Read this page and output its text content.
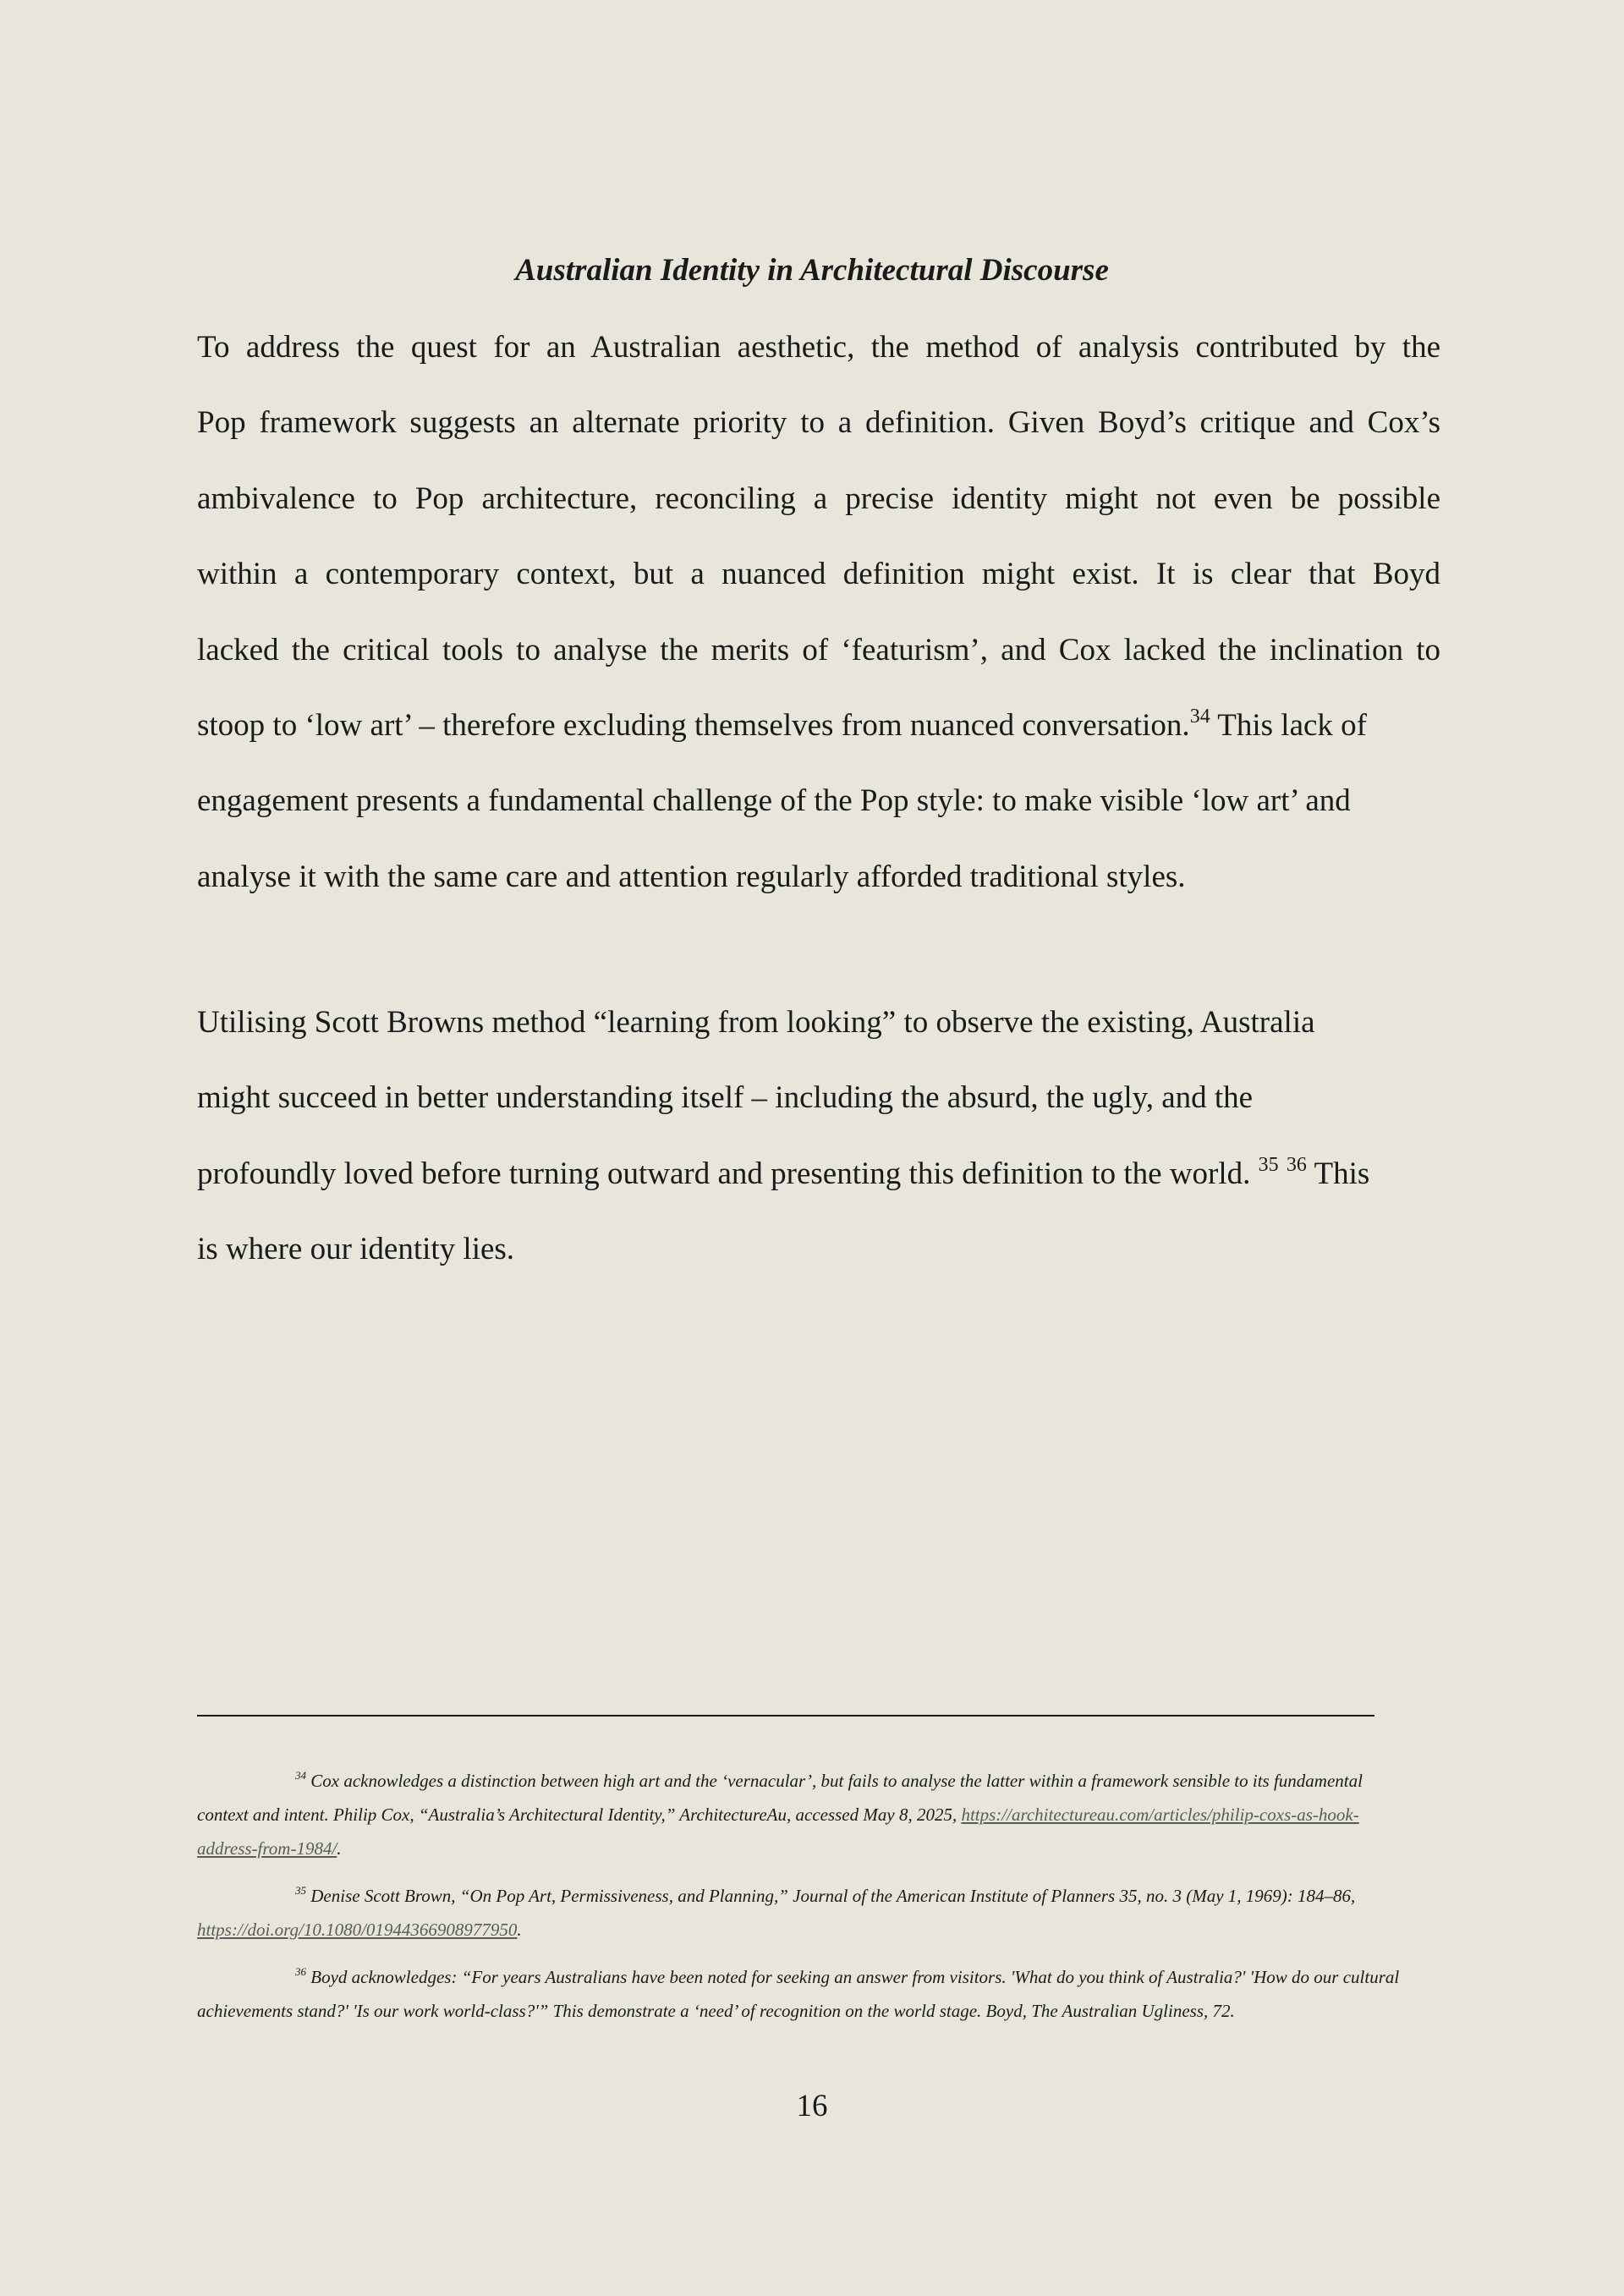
Australian Identity in Architectural Discourse
To address the quest for an Australian aesthetic, the method of analysis contributed by the
Pop framework suggests an alternate priority to a definition. Given Boyd’s critique and Cox’s
ambivalence to Pop architecture, reconciling a precise identity might not even be possible
within a contemporary context, but a nuanced definition might exist. It is clear that Boyd
lacked the critical tools to analyse the merits of ‘featurism’, and Cox lacked the inclination to
stoop to ‘low art’ – therefore excluding themselves from nuanced conversation.$^{34}$ This lack of
engagement presents a fundamental challenge of the Pop style: to make visible ‘low art’ and
analyse it with the same care and attention regularly afforded traditional styles.
Utilising Scott Browns method “learning from looking” to observe the existing, Australia
might succeed in better understanding itself – including the absurd, the ugly, and the
profoundly loved before turning outward and presenting this definition to the world. $^{35}$ $^{36}$ This
is where our identity lies.

$^{34}$ Cox acknowledges a distinction between high art and the ‘vernacular’, but fails to analyse the latter within a framework sensible to its fundamental context and intent. Philip Cox, “Australia’s Architectural Identity,” ArchitectureAu, accessed May 8, 2025, https://architectureau.com/articles/philip-coxs-as-hook-address-from-1984/.

$^{35}$ Denise Scott Brown, “On Pop Art, Permissiveness, and Planning,” Journal of the American Institute of Planners 35, no. 3 (May 1, 1969): 184–86, https://doi.org/10.1080/01944366908977950.

$^{36}$ Boyd acknowledges: “For years Australians have been noted for seeking an answer from visitors. 'What do you think of Australia?' 'How do our cultural achievements stand?' 'Is our work world-class?'” This demonstrate a ‘need’ of recognition on the world stage. Boyd, The Australian Ugliness, 72.

16
